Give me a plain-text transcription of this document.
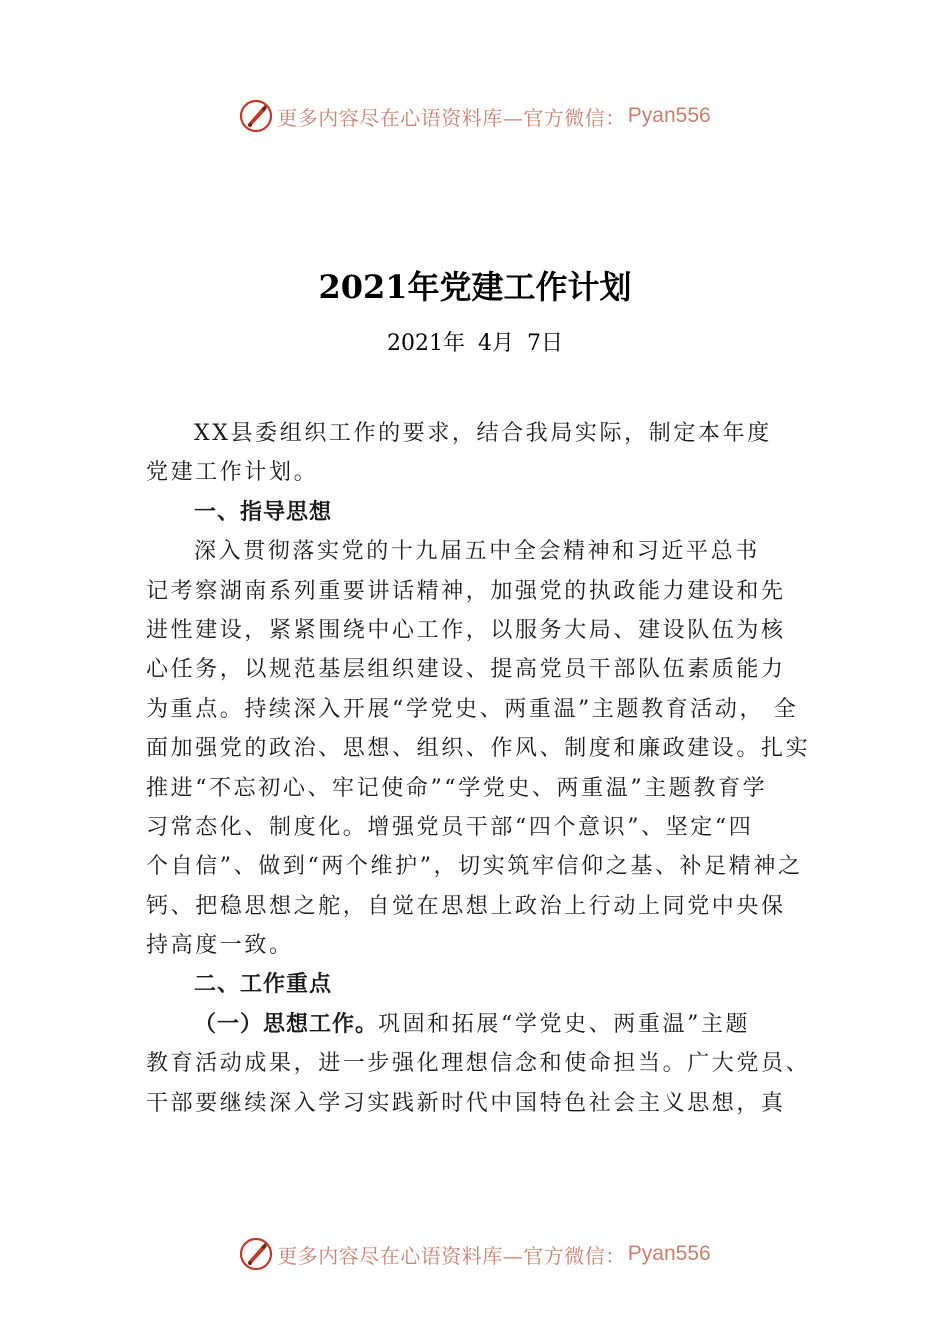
更多内容尽在心语资料库—官方微信： Pyan556
2021年党建工作计划
2021年 4月 7日
XX县委组织工作的要求，结合我局实际，制定本年度
党建工作计划。
一、指导思想
深入贯彻落实党的十九届五中全会精神和习近平总书
记考察湖南系列重要讲话精神，加强党的执政能力建设和先
进性建设，紧紧围绕中心工作，以服务大局、建设队伍为核
心任务，以规范基层组织建设、提高党员干部队伍素质能力
为重点。持续深入开展“学党史、两重温”主题教育活动， 全
面加强党的政治、思想、组织、作风、制度和廉政建设。扎实
推进“不忘初心、牢记使命”“学党史、两重温”主题教育学
习常态化、制度化。增强党员干部“四个意识”、坚定“四
个自信”、做到“两个维护”，切实筑牢信仰之基、补足精神之
钙、把稳思想之舵，自觉在思想上政治上行动上同党中央保
持高度一致。
二、工作重点
（一）思想工作。巩固和拓展“学党史、两重温”主题
教育活动成果，进一步强化理想信念和使命担当。广大党员、
干部要继续深入学习实践新时代中国特色社会主义思想，真
更多内容尽在心语资料库—官方微信： Pyan556
